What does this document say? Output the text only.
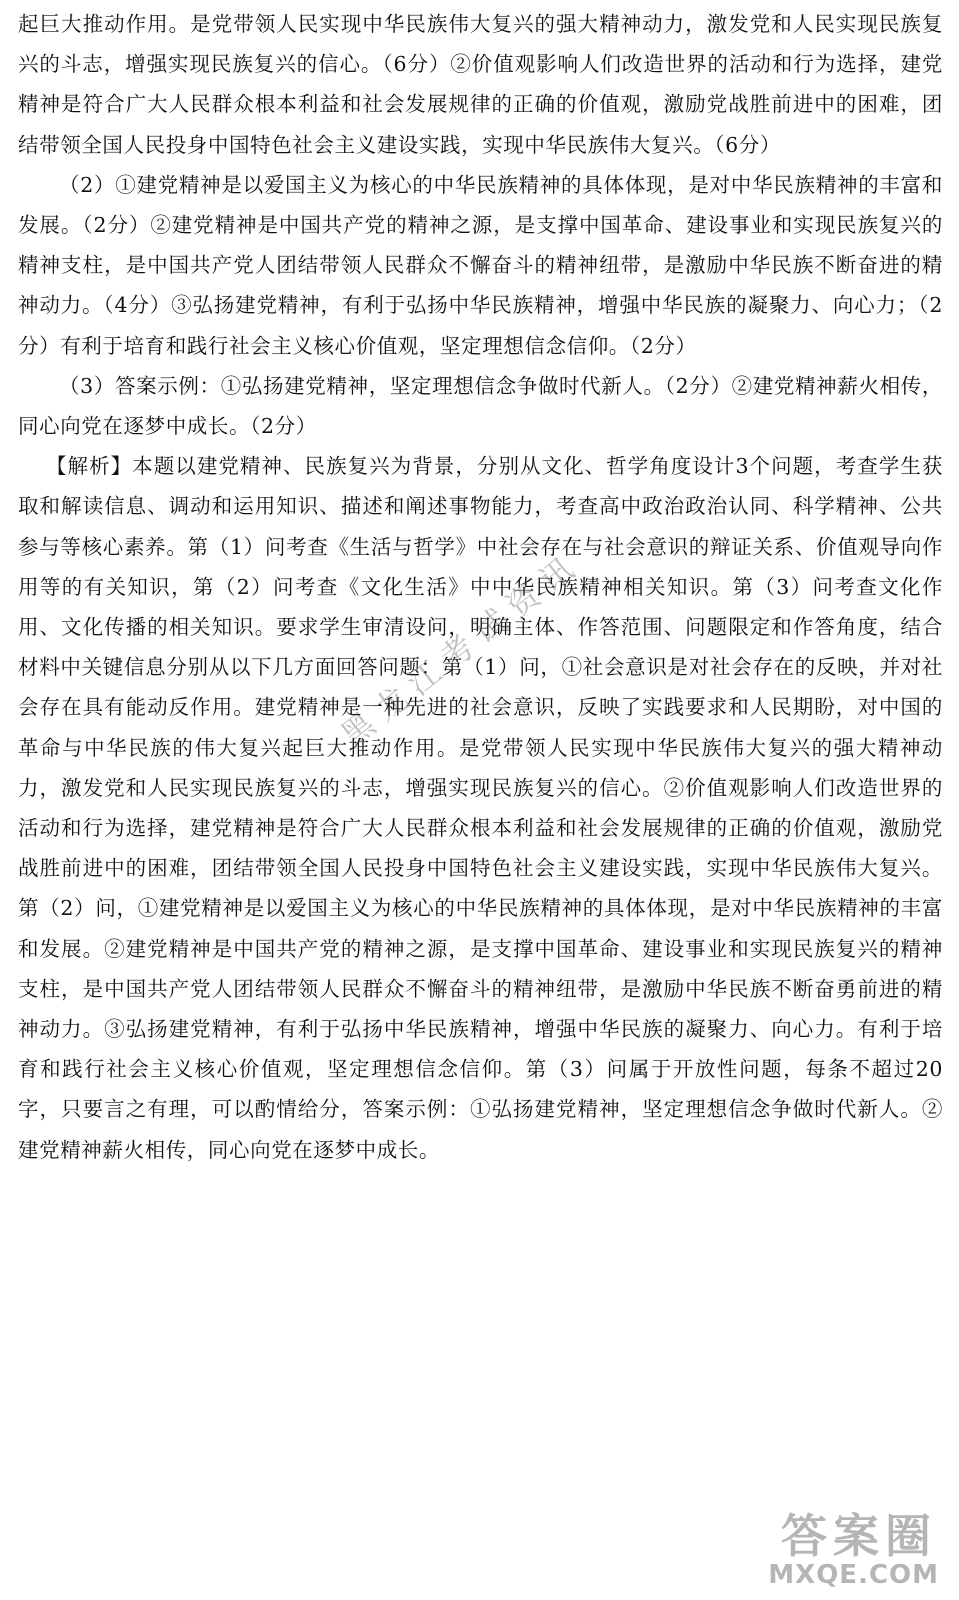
起巨大推动作用。是党带领人民实现中华民族伟大复兴的强大精神动力，激发党和人民实现民族复兴的斗志，增强实现民族复兴的信心。（6分）②价值观影响人们改造世界的活动和行为选择，建党精神是符合广大人民群众根本利益和社会发展规律的正确的价值观，激励党战胜前进中的困难，团结带领全国人民投身中国特色社会主义建设实践，实现中华民族伟大复兴。（6分）

（2）①建党精神是以爱国主义为核心的中华民族精神的具体体现，是对中华民族精神的丰富和发展。（2分）②建党精神是中国共产党的精神之源，是支撑中国革命、建设事业和实现民族复兴的精神支柱，是中国共产党人团结带领人民群众不懈奋斗的精神纽带，是激励中华民族不断奋进的精神动力。（4分）③弘扬建党精神，有利于弘扬中华民族精神，增强中华民族的凝聚力、向心力；（2分）有利于培育和践行社会主义核心价值观，坚定理想信念信仰。（2分）

（3）答案示例：①弘扬建党精神，坚定理想信念争做时代新人。（2分）②建党精神薪火相传，同心向党在逐梦中成长。（2分）

【解析】本题以建党精神、民族复兴为背景，分别从文化、哲学角度设计3个问题，考查学生获取和解读信息、调动和运用知识、描述和阐述事物能力，考查高中政治政治认同、科学精神、公共参与等核心素养。第（1）问考查《生活与哲学》中社会存在与社会意识的辩证关系、价值观导向作用等的有关知识，第（2）问考查《文化生活》中中华民族精神相关知识。第（3）问考查文化作用、文化传播的相关知识。要求学生审清设问，明确主体、作答范围、问题限定和作答角度，结合材料中关键信息分别从以下几方面回答问题：第（1）问，①社会意识是对社会存在的反映，并对社会存在具有能动反作用。建党精神是一种先进的社会意识，反映了实践要求和人民期盼，对中国的革命与中华民族的伟大复兴起巨大推动作用。是党带领人民实现中华民族伟大复兴的强大精神动力，激发党和人民实现民族复兴的斗志，增强实现民族复兴的信心。②价值观影响人们改造世界的活动和行为选择，建党精神是符合广大人民群众根本利益和社会发展规律的正确的价值观，激励党战胜前进中的困难，团结带领全国人民投身中国特色社会主义建设实践，实现中华民族伟大复兴。第（2）问，①建党精神是以爱国主义为核心的中华民族精神的具体体现，是对中华民族精神的丰富和发展。②建党精神是中国共产党的精神之源，是支撑中国革命、建设事业和实现民族复兴的精神支柱，是中国共产党人团结带领人民群众不懈奋斗的精神纽带，是激励中华民族不断奋勇前进的精神动力。③弘扬建党精神，有利于弘扬中华民族精神，增强中华民族的凝聚力、向心力。有利于培育和践行社会主义核心价值观，坚定理想信念信仰。第（3）问属于开放性问题，每条不超过20字，只要言之有理，可以酌情给分，答案示例：①弘扬建党精神，坚定理想信念争做时代新人。②建党精神薪火相传，同心向党在逐梦中成长。

黑龙江考试资讯
答案圈
MXQE.COM
